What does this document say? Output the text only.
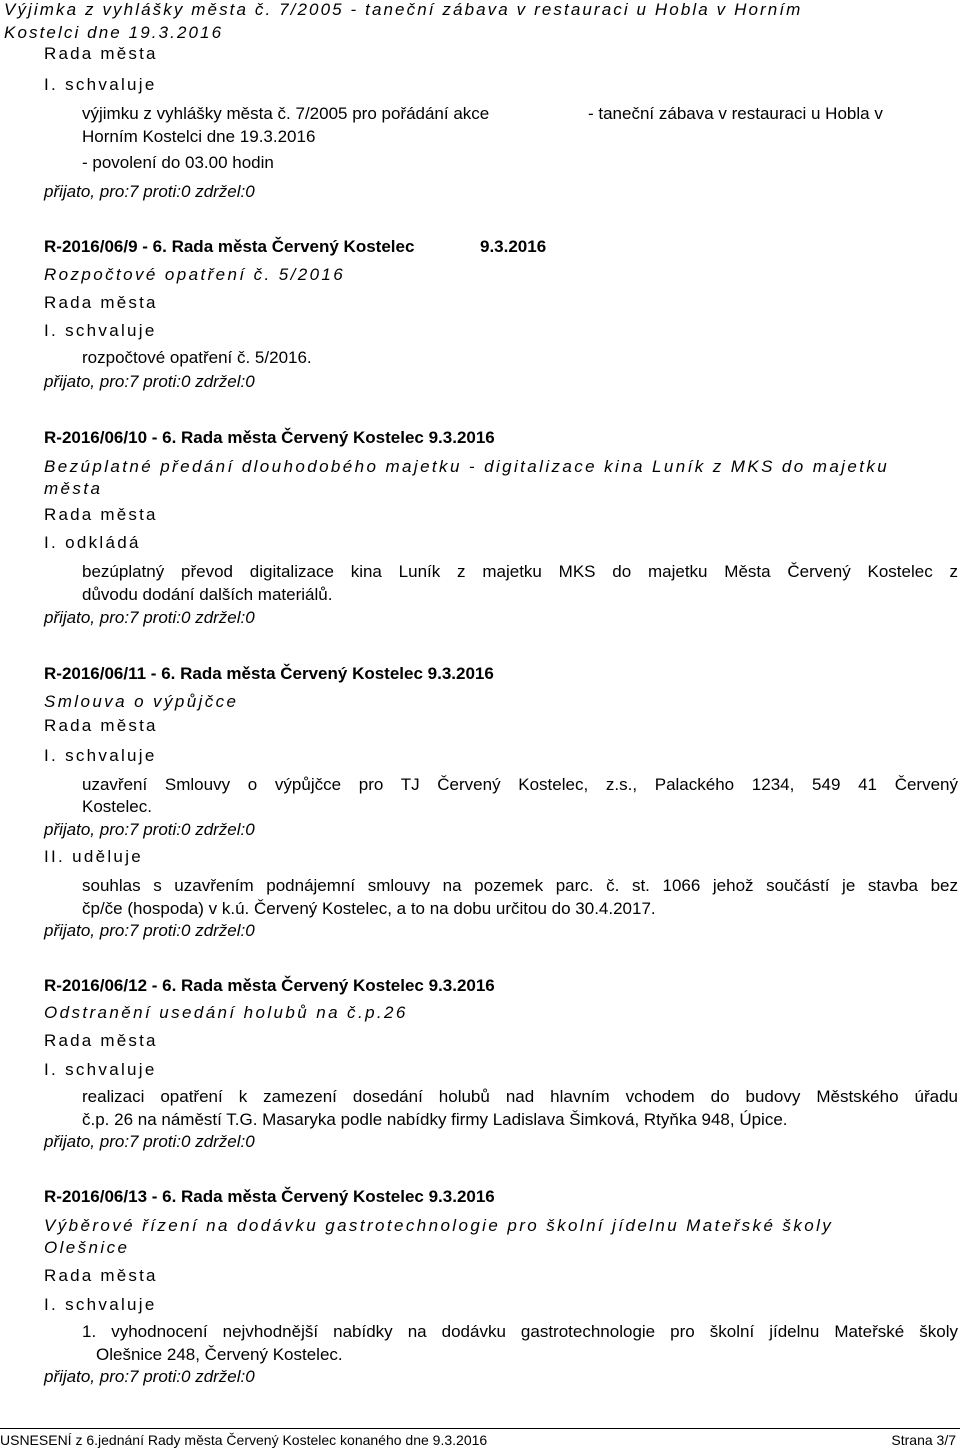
Výjimka z vyhlášky města č. 7/2005 - taneční zábava v restauraci u Hobla v Horním
Kostelci dne 19.3.2016
Rada města
I. schvaluje
výjimku z vyhlášky města č. 7/2005 pro pořádání akce	- taneční zábava v restauraci u Hobla v
Horním Kostelci dne 19.3.2016
- povolení do 03.00 hodin
přijato, pro:7 proti:0 zdržel:0
R-2016/06/9 - 6. Rada města Červený Kostelec	9.3.2016
Rozpočtové opatření č. 5/2016
Rada města
I. schvaluje
rozpočtové opatření č. 5/2016.
přijato, pro:7 proti:0 zdržel:0
R-2016/06/10 - 6. Rada města Červený Kostelec 9.3.2016
Bezúplatné předání dlouhodobého majetku - digitalizace kina Luník z MKS do majetku
města
Rada města
I. odkládá
bezúplatný převod digitalizace kina Luník z majetku MKS do majetku Města Červený Kostelec z
důvodu dodání dalších materiálů.
přijato, pro:7 proti:0 zdržel:0
R-2016/06/11 - 6. Rada města Červený Kostelec 9.3.2016
Smlouva o výpůjčce
Rada města
I. schvaluje
uzavření Smlouvy o výpůjčce pro TJ Červený Kostelec, z.s., Palackého 1234, 549 41 Červený
Kostelec.
přijato, pro:7 proti:0 zdržel:0
II. uděluje
souhlas s uzavřením podnájemní smlouvy na pozemek parc. č. st. 1066 jehož součástí je stavba bez
čp/če (hospoda) v k.ú. Červený Kostelec, a to na dobu určitou do 30.4.2017.
přijato, pro:7 proti:0 zdržel:0
R-2016/06/12 - 6. Rada města Červený Kostelec 9.3.2016
Odstranění usedání holubů na č.p.26
Rada města
I. schvaluje
realizaci opatření k zamezení dosedání holubů nad hlavním vchodem do budovy Městského úřadu
č.p. 26 na náměstí T.G. Masaryka podle nabídky firmy Ladislava Šimková, Rtyňka 948, Úpice.
přijato, pro:7 proti:0 zdržel:0
R-2016/06/13 - 6. Rada města Červený Kostelec 9.3.2016
Výběrové řízení na dodávku gastrotechnologie pro školní jídelnu Mateřské školy
Olešnice
Rada města
I. schvaluje
1. vyhodnocení nejvhodnější nabídky na dodávku gastrotechnologie pro školní jídelnu Mateřské školy
Olešnice 248, Červený Kostelec.
přijato, pro:7 proti:0 zdržel:0
USNESENÍ z 6.jednání Rady města Červený Kostelec konaného dne 9.3.2016	Strana 3/7
